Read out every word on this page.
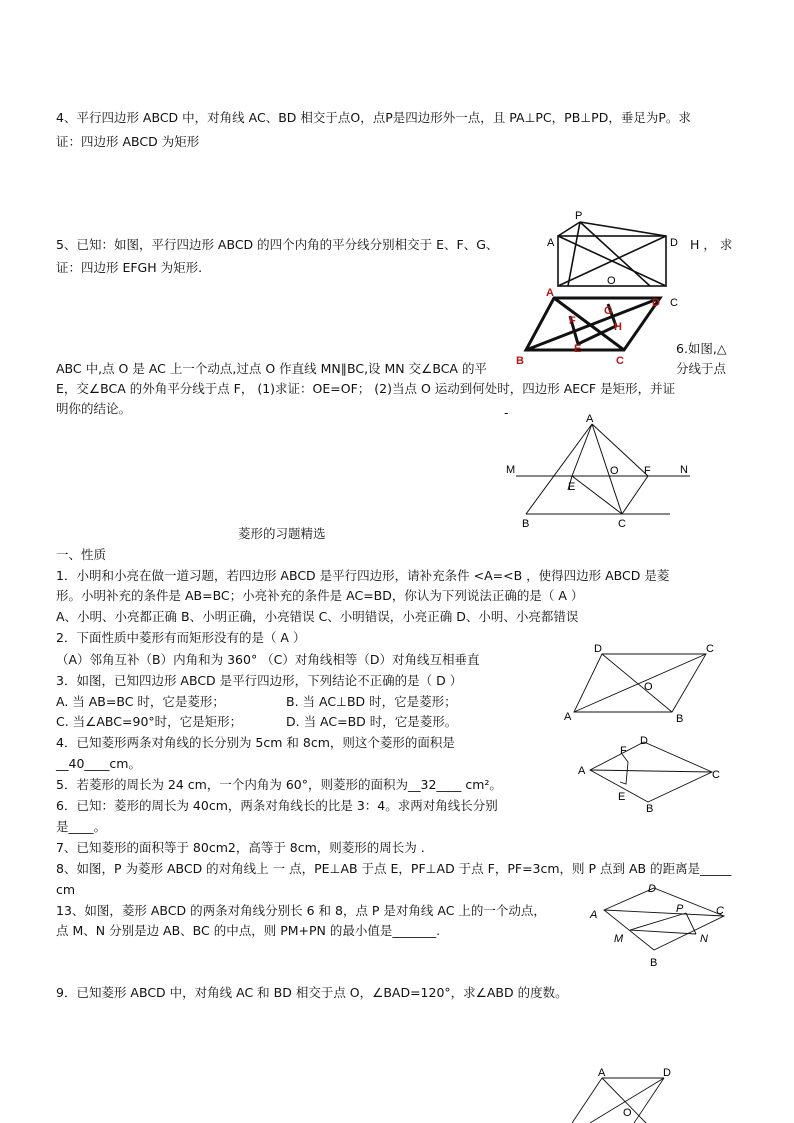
4、平行四边形 ABCD 中，对角线 AC、BD 相交于点O，点P是四边形外一点，且 PA⊥PC，PB⊥PD，垂足为P。求
证：四边形 ABCD 为矩形
5、已知：如图，平行四边形 ABCD 的四个内角的平分线分别相交于 E、F、G、	H ， 求
证：四边形 EFGH 为矩形.
P
A	D
O
C
A
D
F
G
H
E
B	C
6.如图,△
ABC 中,点 O 是 AC 上一个动点,过点 O 作直线 MN∥BC,设 MN 交∠BCA 的平	分线于点
E，交∠BCA 的外角平分线于点 F， (1)求证：OE=OF； (2)当点 O 运动到何处时，四边形 AECF 是矩形，并证
明你的结论。	-	A
M
E
O F	N
B	C
菱形的习题精选
一、性质
1．小明和小亮在做一道习题，若四边形 ABCD 是平行四边形，请补充条件 <A=<B ，使得四边形 ABCD 是菱
形。小明补充的条件是 AB=BC；小亮补充的条件是 AC=BD，你认为下列说法正确的是（ A ）
A、小明、小亮都正确 B、小明正确，小亮错误 C、小明错误，小亮正确 D、小明、小亮都错误
2．下面性质中菱形有而矩形没有的是（ A ）
（A）邻角互补（B）内角和为 360° （C）对角线相等（D）对角线互相垂直
3．如图，已知四边形 ABCD 是平行四边形，下列结论不正确的是（ D ）
A. 当 AB=BC 时，它是菱形；	B. 当 AC⊥BD 时，它是菱形；
C. 当∠ABC=90°时，它是矩形；	D. 当 AC=BD 时，它是菱形。
D	C
O
A	B
4．已知菱形两条对角线的长分别为 5cm 和 8cm，则这个菱形的面积是
__40____cm。
D
F
A	C
E
B
5．若菱形的周长为 24 cm，一个内角为 60°，则菱形的面积为__32____ cm²。
6．已知：菱形的周长为 40cm，两条对角线长的比是 3：4。求两对角线长分别
是____。
7、已知菱形的面积等于 80cm2，高等于 8cm，则菱形的周长为 .
8、如图，P 为菱形 ABCD 的对角线上 一 点，PE⊥AB 于点 E，PF⊥AD 于点 F，PF=3cm，则 P 点到 AB 的距离是_____
cm
13、如图，菱形 ABCD 的两条对角线分别长 6 和 8，点 P 是对角线 AC 上的一个动点，
点 M、N 分别是边 AB、BC 的中点，则 PM+PN 的最小值是_______.
D
A	P	C
M	N
B
9．已知菱形 ABCD 中，对角线 AC 和 BD 相交于点 O，∠BAD=120°，求∠ABD 的度数。
A	D
O
